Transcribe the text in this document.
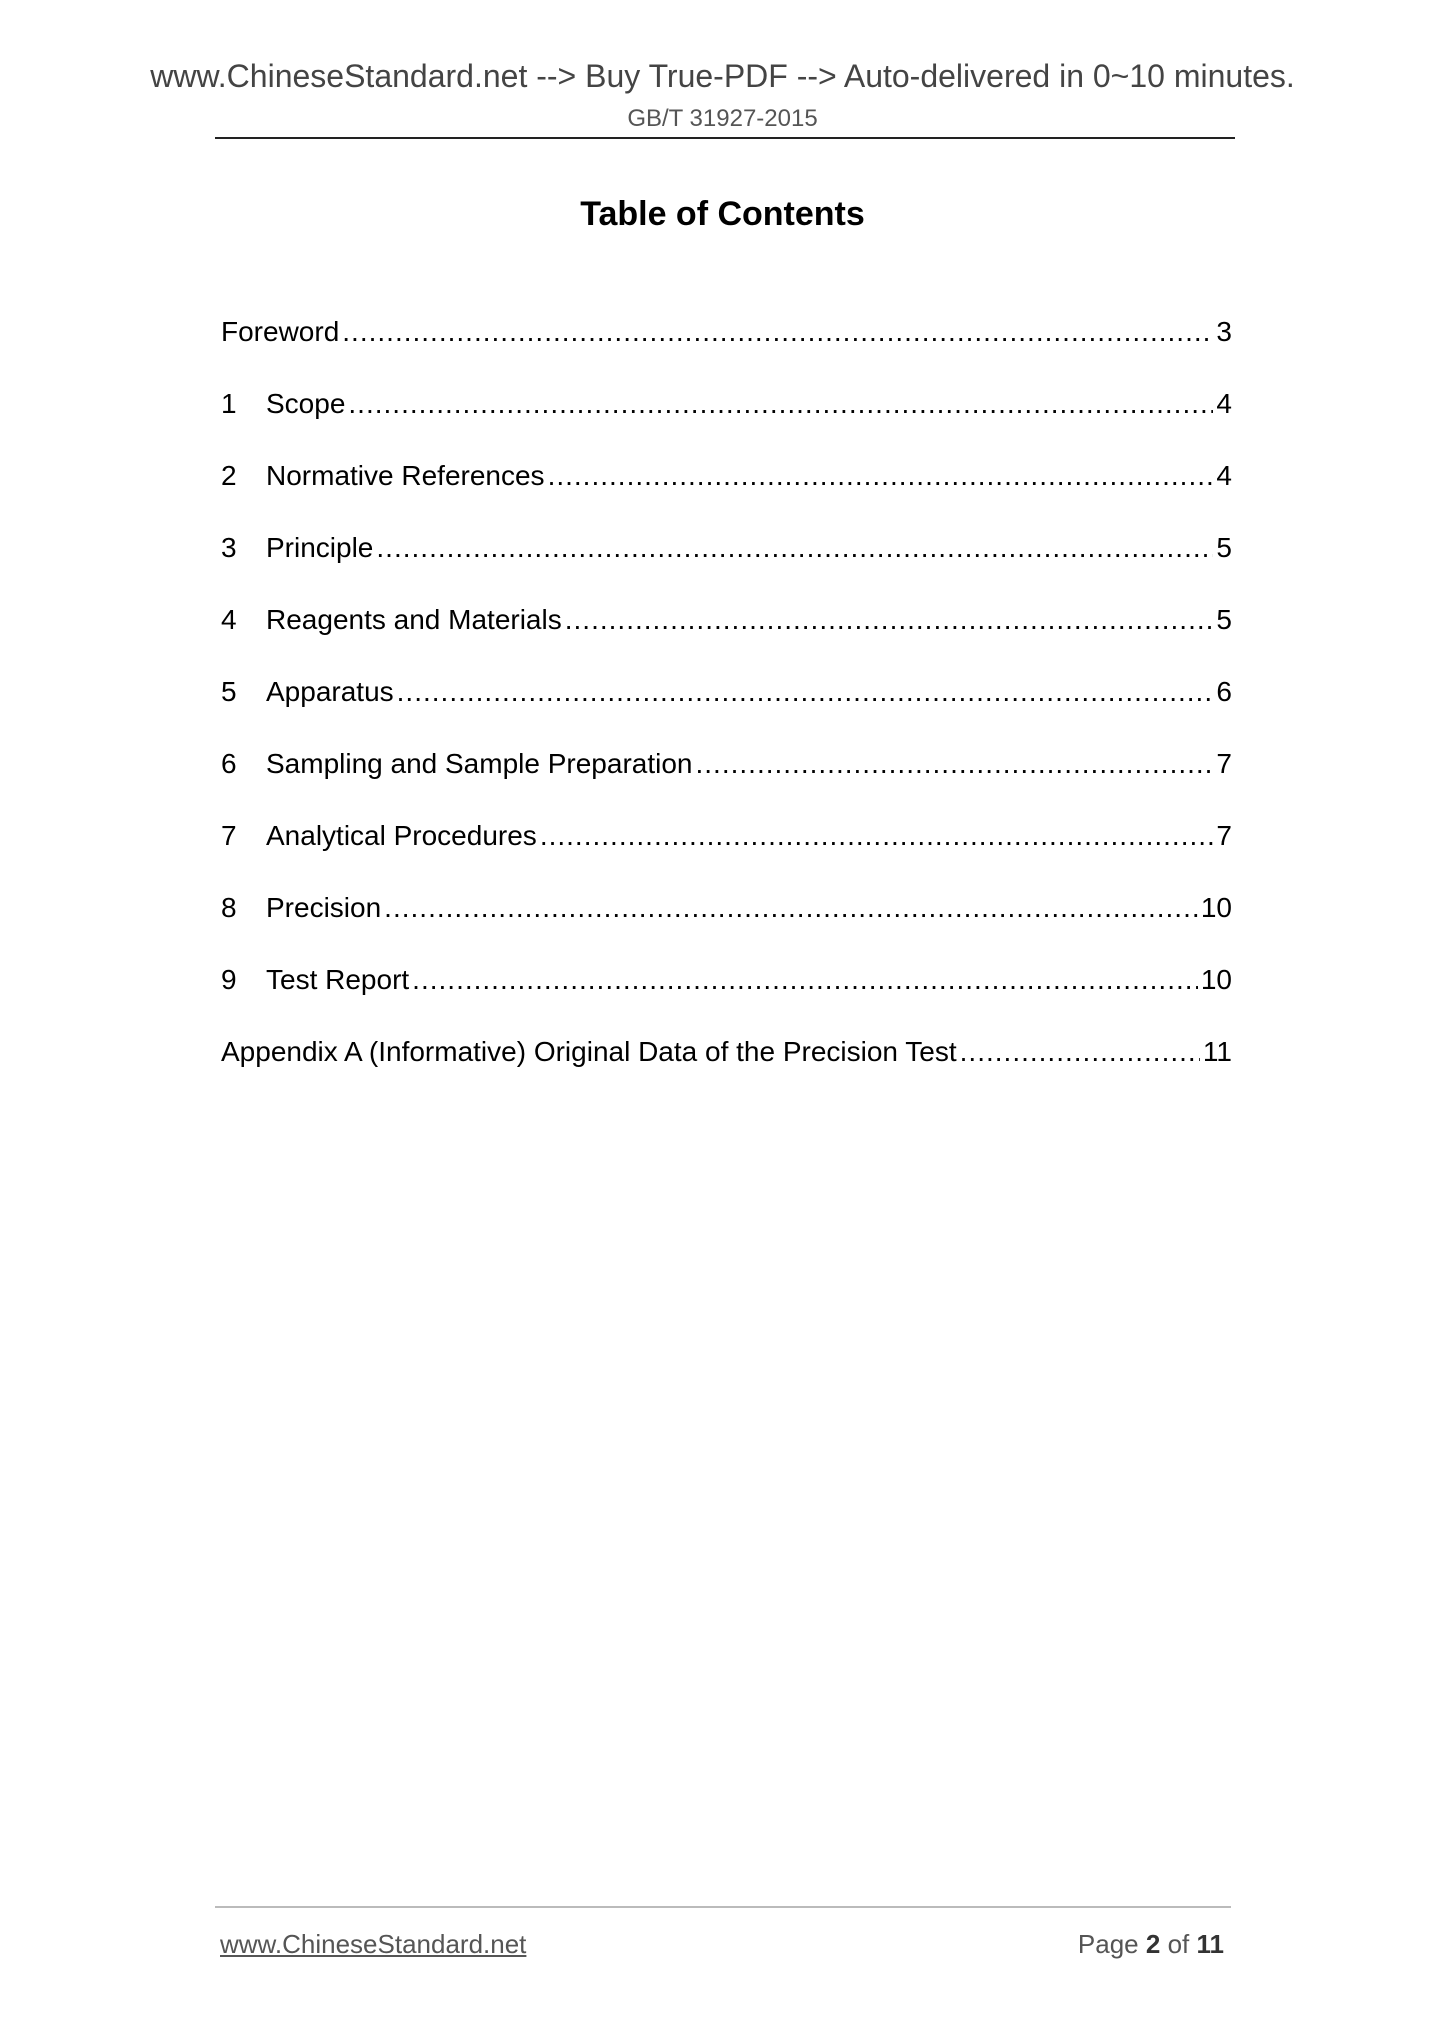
www.ChineseStandard.net --> Buy True-PDF --> Auto-delivered in 0~10 minutes.
GB/T 31927-2015
Table of Contents
Foreword .....	3
1	Scope .....	4
2	Normative References .....	4
3	Principle .....	5
4	Reagents and Materials .....	5
5	Apparatus .....	6
6	Sampling and Sample Preparation .....	7
7	Analytical Procedures .....	7
8	Precision .....	10
9	Test Report .....	10
Appendix A (Informative) Original Data of the Precision Test .....	11
www.ChineseStandard.net	Page 2 of 11
